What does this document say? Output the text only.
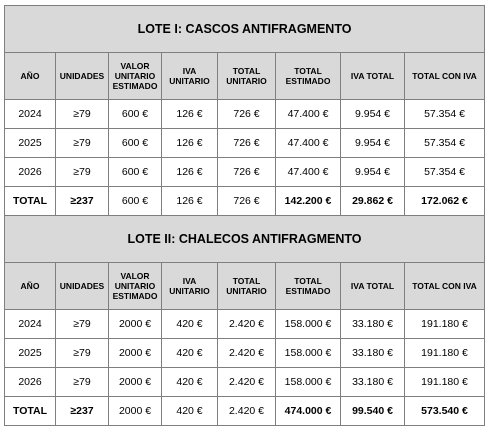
LOTE I: CASCOS ANTIFRAGMENTO							
AÑO	UNIDADES	VALOR UNITARIO ESTIMADO	IVA UNITARIO	TOTAL UNITARIO	TOTAL ESTIMADO	IVA TOTAL	TOTAL CON IVA
2024	≥79	600 €	126 €	726 €	47.400 €	9.954 €	57.354 €
2025	≥79	600 €	126 €	726 €	47.400 €	9.954 €	57.354 €
2026	≥79	600 €	126 €	726 €	47.400 €	9.954 €	57.354 €
TOTAL	≥237	600 €	126 €	726 €	142.200 €	29.862 €	172.062 €
LOTE II: CHALECOS ANTIFRAGMENTO							
AÑO	UNIDADES	VALOR UNITARIO ESTIMADO	IVA UNITARIO	TOTAL UNITARIO	TOTAL ESTIMADO	IVA TOTAL	TOTAL CON IVA
2024	≥79	2000 €	420 €	2.420 €	158.000 €	33.180 €	191.180 €
2025	≥79	2000 €	420 €	2.420 €	158.000 €	33.180 €	191.180 €
2026	≥79	2000 €	420 €	2.420 €	158.000 €	33.180 €	191.180 €
TOTAL	≥237	2000 €	420 €	2.420 €	474.000 €	99.540 €	573.540 €
